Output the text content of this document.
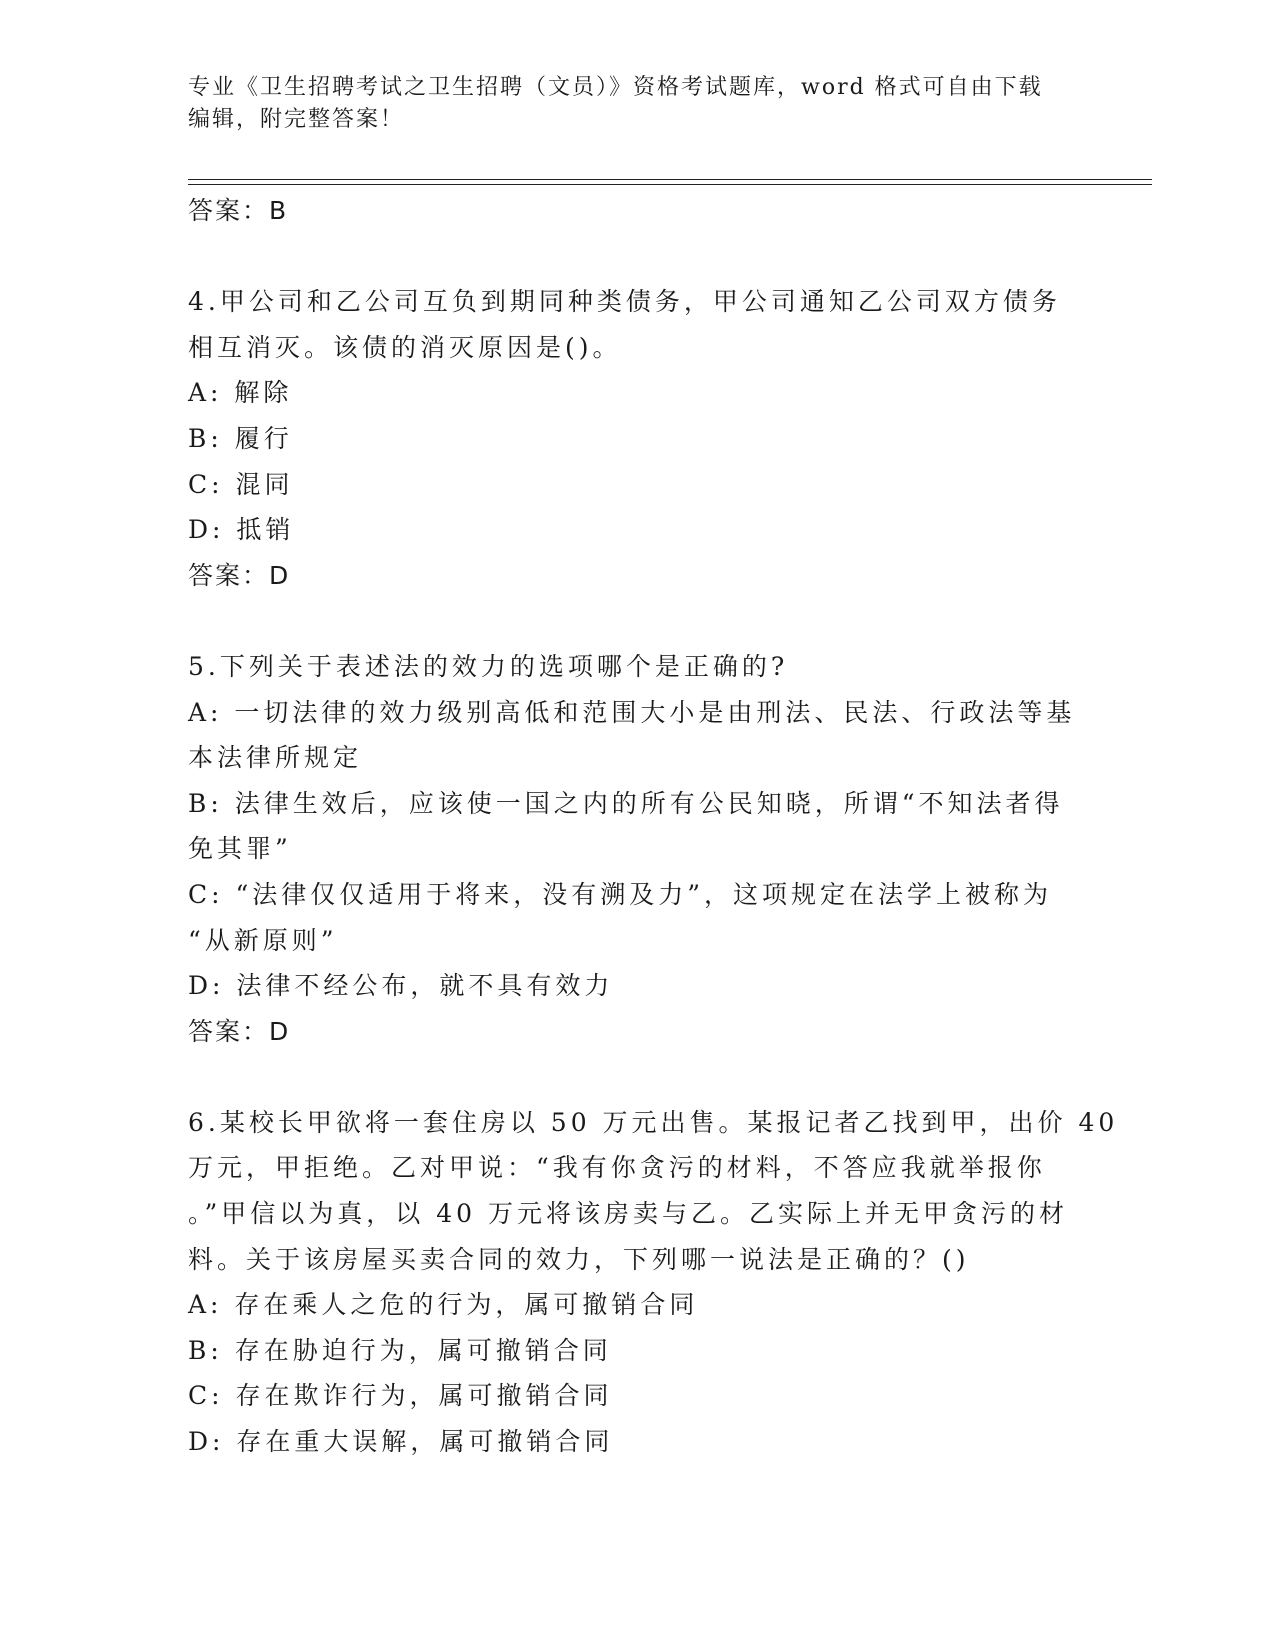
专业《卫生招聘考试之卫生招聘（文员）》资格考试题库，word 格式可自由下载
编辑，附完整答案！
答案：B
4.甲公司和乙公司互负到期同种类债务，甲公司通知乙公司双方债务
相互消灭。该债的消灭原因是()。
A: 解除
B: 履行
C: 混同
D: 抵销
答案：D
5.下列关于表述法的效力的选项哪个是正确的?
A: 一切法律的效力级别高低和范围大小是由刑法、民法、行政法等基
本法律所规定
B: 法律生效后，应该使一国之内的所有公民知晓，所谓“不知法者得
免其罪”
C: “法律仅仅适用于将来，没有溯及力”，这项规定在法学上被称为
“从新原则”
D: 法律不经公布，就不具有效力
答案：D
6.某校长甲欲将一套住房以 50 万元出售。某报记者乙找到甲，出价 40
万元，甲拒绝。乙对甲说：“我有你贪污的材料，不答应我就举报你
。”甲信以为真，以 40 万元将该房卖与乙。乙实际上并无甲贪污的材
料。关于该房屋买卖合同的效力，下列哪一说法是正确的？()
A: 存在乘人之危的行为，属可撤销合同
B: 存在胁迫行为，属可撤销合同
C: 存在欺诈行为，属可撤销合同
D: 存在重大误解，属可撤销合同
